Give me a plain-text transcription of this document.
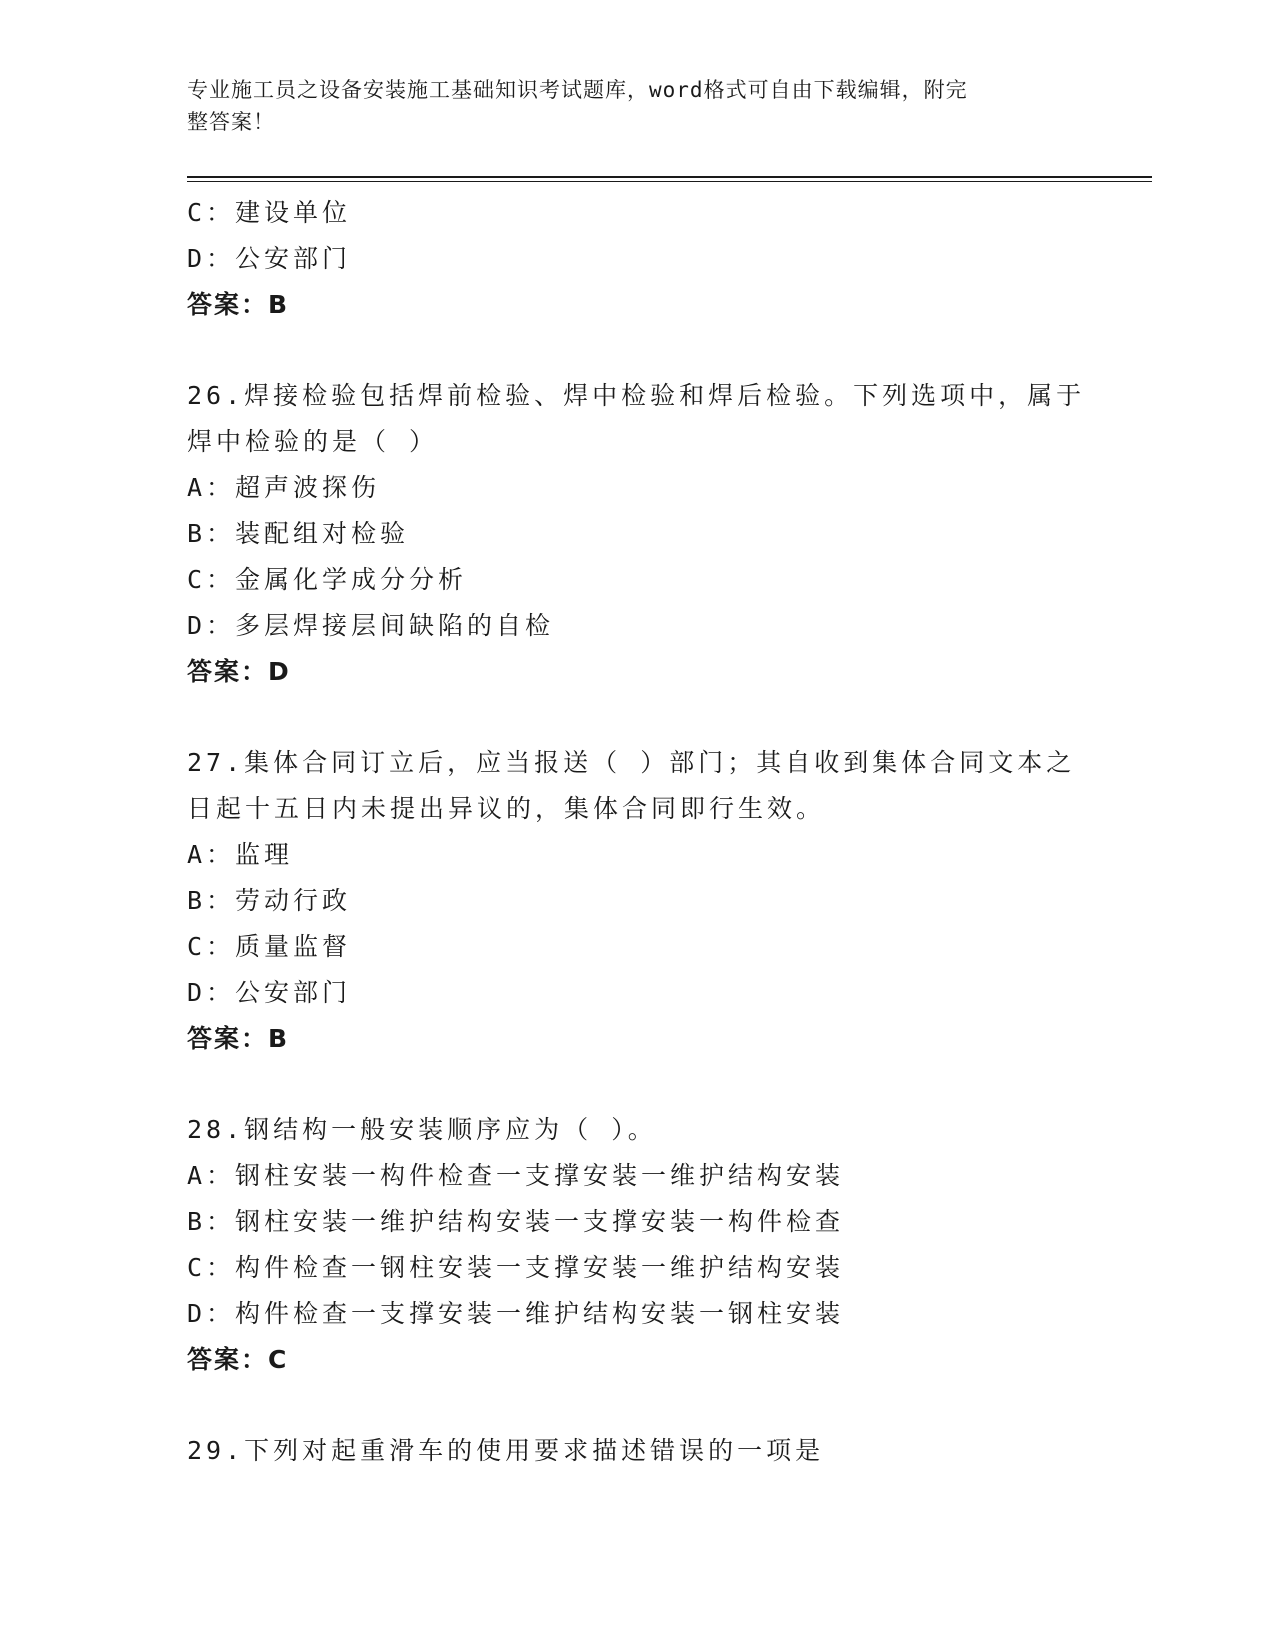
专业施工员之设备安装施工基础知识考试题库，word格式可自由下载编辑，附完
整答案！
C：建设单位
D：公安部门
答案：B
26.焊接检验包括焊前检验、焊中检验和焊后检验。下列选项中，属于
焊中检验的是（ ）
A：超声波探伤
B：装配组对检验
C：金属化学成分分析
D：多层焊接层间缺陷的自检
答案：D
27.集体合同订立后，应当报送（ ）部门；其自收到集体合同文本之
日起十五日内未提出异议的，集体合同即行生效。
A：监理
B：劳动行政
C：质量监督
D：公安部门
答案：B
28.钢结构一般安装顺序应为（ ）。
A：钢柱安装一构件检查一支撑安装一维护结构安装
B：钢柱安装一维护结构安装一支撑安装一构件检查
C：构件检查一钢柱安装一支撑安装一维护结构安装
D：构件检查一支撑安装一维护结构安装一钢柱安装
答案：C
29.下列对起重滑车的使用要求描述错误的一项是
